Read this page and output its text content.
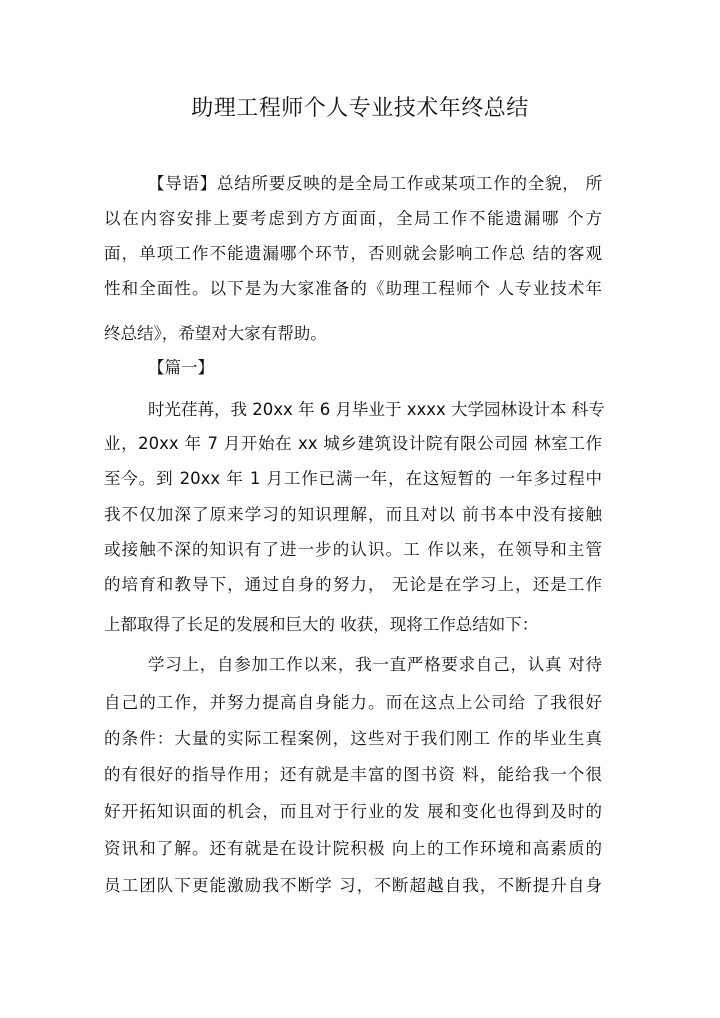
助理工程师个人专业技术年终总结
【导语】总结所要反映的是全局工作或某项工作的全貌， 所
以在内容安排上要考虑到方方面面，全局工作不能遗漏哪 个方
面，单项工作不能遗漏哪个环节，否则就会影响工作总 结的客观
性和全面性。以下是为大家准备的《助理工程师个 人专业技术年
终总结》，希望对大家有帮助。
【篇一】
时光荏苒，我 20xx 年 6 月毕业于 xxxx 大学园林设计本 科专
业，20xx 年 7 月开始在 xx 城乡建筑设计院有限公司园 林室工作
至今。到 20xx 年 1 月工作已满一年，在这短暂的 一年多过程中
我不仅加深了原来学习的知识理解，而且对以 前书本中没有接触
或接触不深的知识有了进一步的认识。工 作以来，在领导和主管
的培育和教导下，通过自身的努力， 无论是在学习上，还是工作
上都取得了长足的发展和巨大的 收获，现将工作总结如下：
学习上，自参加工作以来，我一直严格要求自己，认真 对待
自己的工作，并努力提高自身能力。而在这点上公司给 了我很好
的条件：大量的实际工程案例，这些对于我们刚工 作的毕业生真
的有很好的指导作用；还有就是丰富的图书资 料，能给我一个很
好开拓知识面的机会，而且对于行业的发 展和变化也得到及时的
资讯和了解。还有就是在设计院积极 向上的工作环境和高素质的
员工团队下更能激励我不断学 习，不断超越自我，不断提升自身
